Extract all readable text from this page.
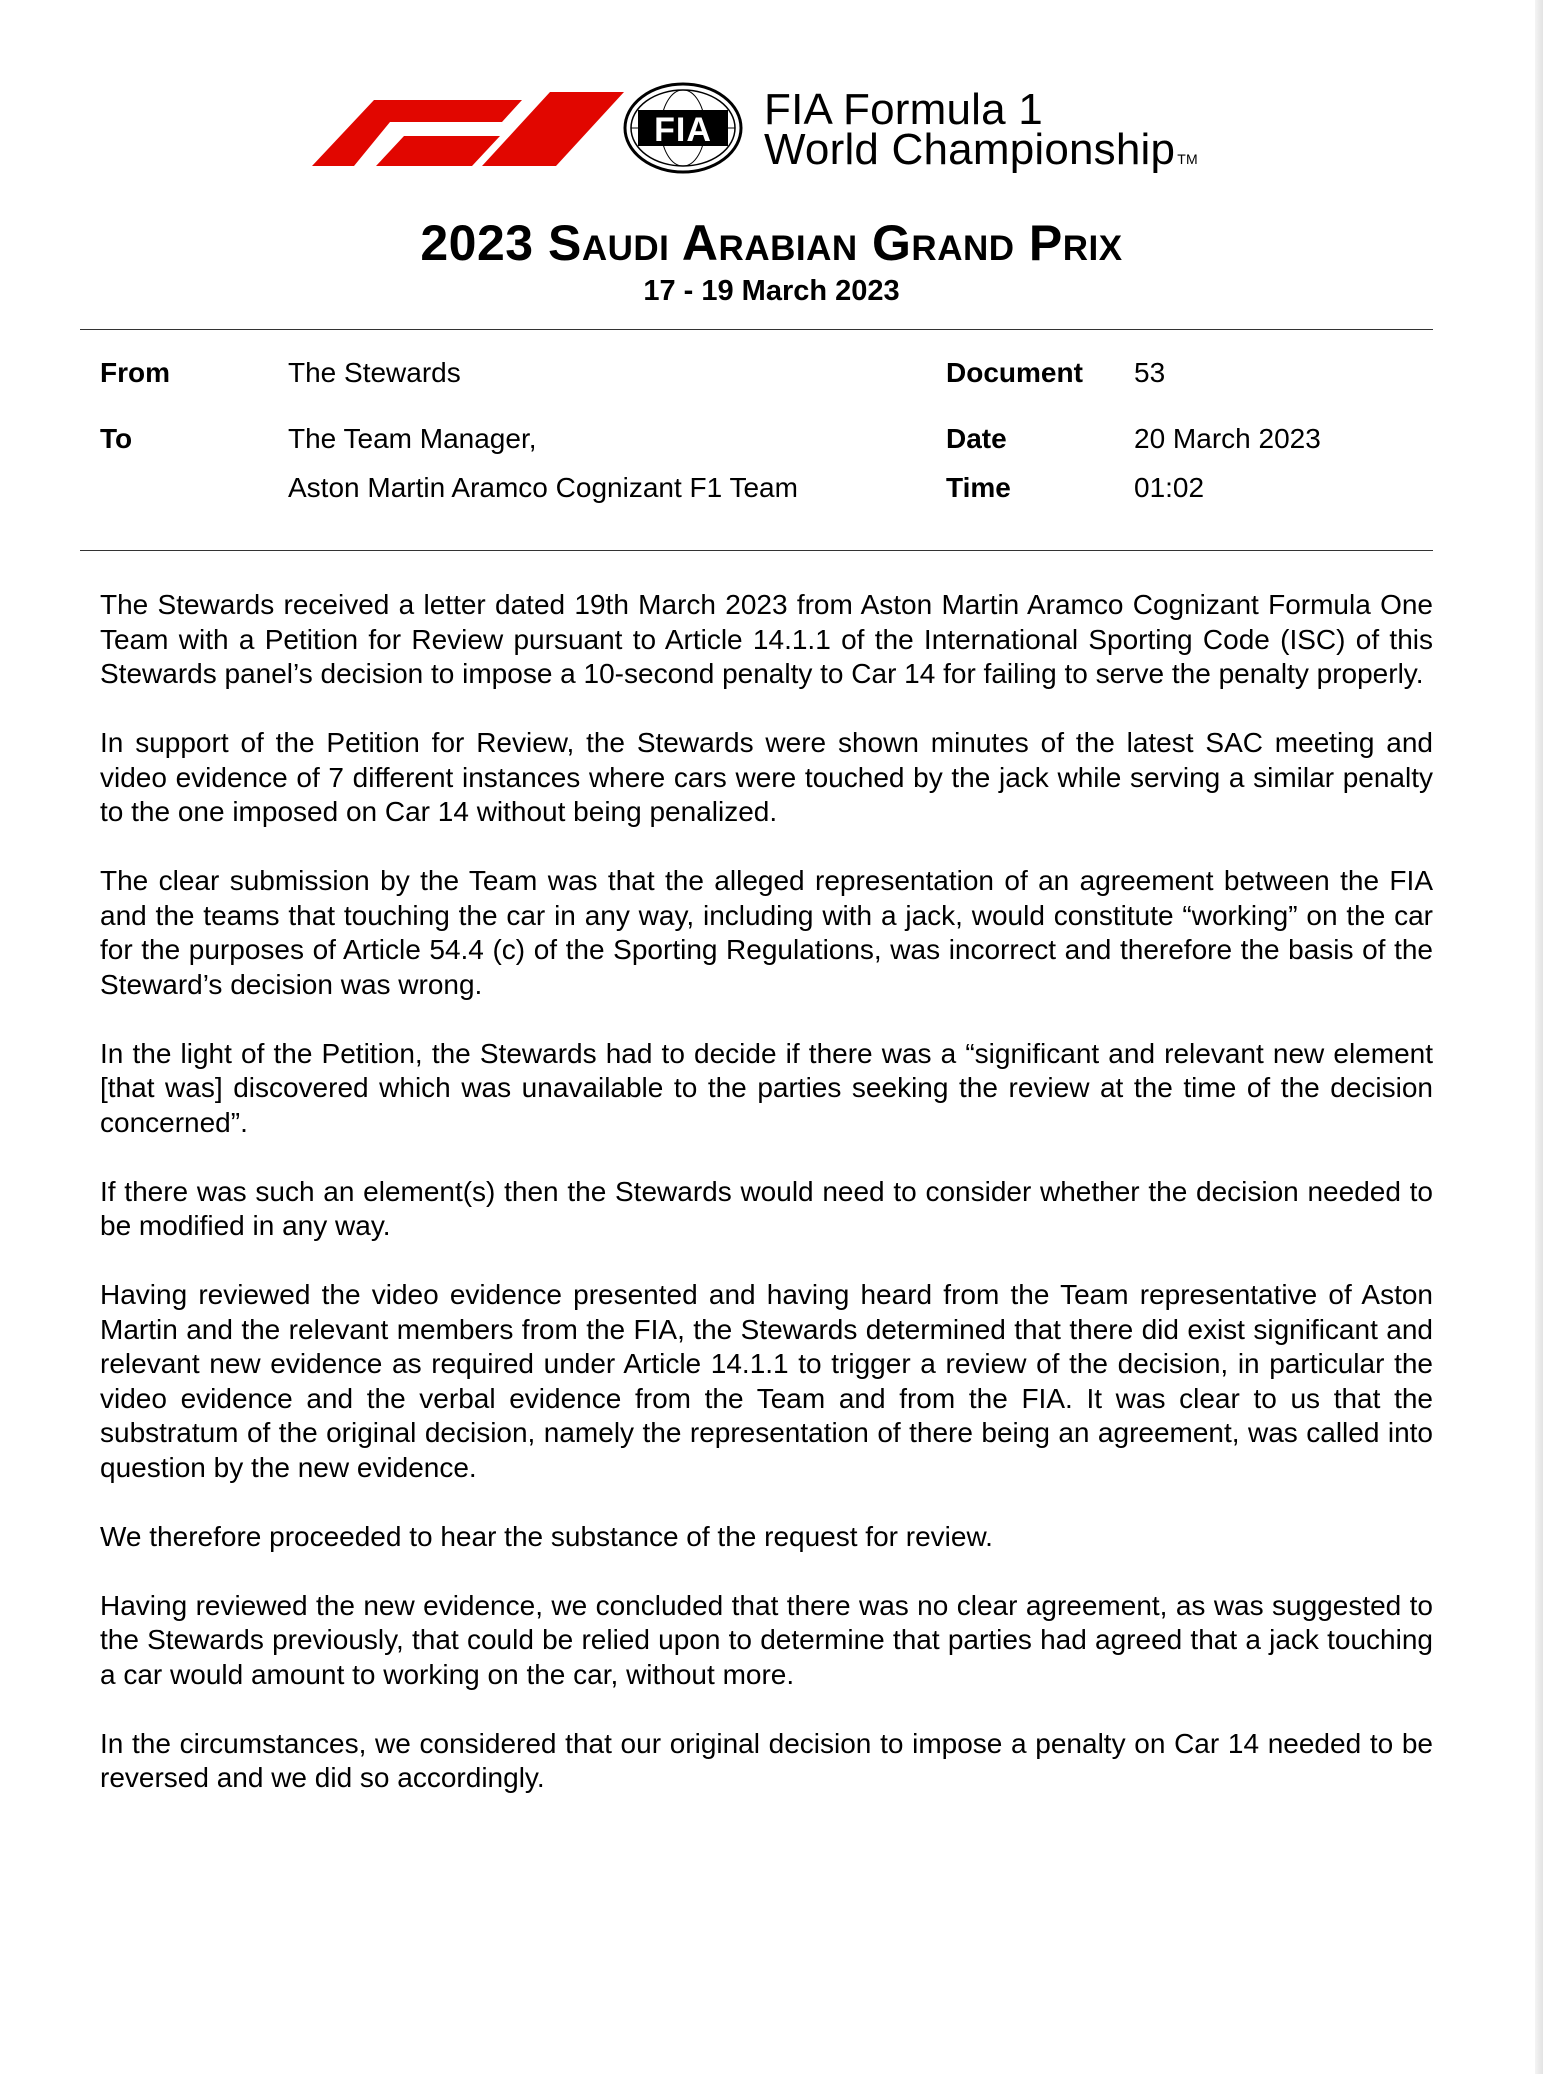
FIA FIA Formula 1
World Championship TM
2023 Saudi Arabian Grand Prix
17 - 19 March 2023
From	The Stewards
To	The Team Manager,
Aston Martin Aramco Cognizant F1 Team
Document 53
Date	20 March 2023
Time	01:02

The Stewards received a letter dated 19th March 2023 from Aston Martin Aramco Cognizant Formula One Team with a Petition for Review pursuant to Article 14.1.1 of the International Sporting Code (ISC) of this Stewards panel’s decision to impose a 10-second penalty to Car 14 for failing to serve the penalty properly.

In support of the Petition for Review, the Stewards were shown minutes of the latest SAC meeting and video evidence of 7 different instances where cars were touched by the jack while serving a similar penalty to the one imposed on Car 14 without being penalized.

The clear submission by the Team was that the alleged representation of an agreement between the FIA and the teams that touching the car in any way, including with a jack, would constitute “working” on the car for the purposes of Article 54.4 (c) of the Sporting Regulations, was incorrect and therefore the basis of the Steward’s decision was wrong.

In the light of the Petition, the Stewards had to decide if there was a “significant and relevant new element [that was] discovered which was unavailable to the parties seeking the review at the time of the decision concerned”.

If there was such an element(s) then the Stewards would need to consider whether the decision needed to be modified in any way.

Having reviewed the video evidence presented and having heard from the Team representative of Aston Martin and the relevant members from the FIA, the Stewards determined that there did exist significant and relevant new evidence as required under Article 14.1.1 to trigger a review of the decision, in particular the video evidence and the verbal evidence from the Team and from the FIA. It was clear to us that the substratum of the original decision, namely the representation of there being an agreement, was called into question by the new evidence.

We therefore proceeded to hear the substance of the request for review.

Having reviewed the new evidence, we concluded that there was no clear agreement, as was suggested to the Stewards previously, that could be relied upon to determine that parties had agreed that a jack touching a car would amount to working on the car, without more.

In the circumstances, we considered that our original decision to impose a penalty on Car 14 needed to be reversed and we did so accordingly.
